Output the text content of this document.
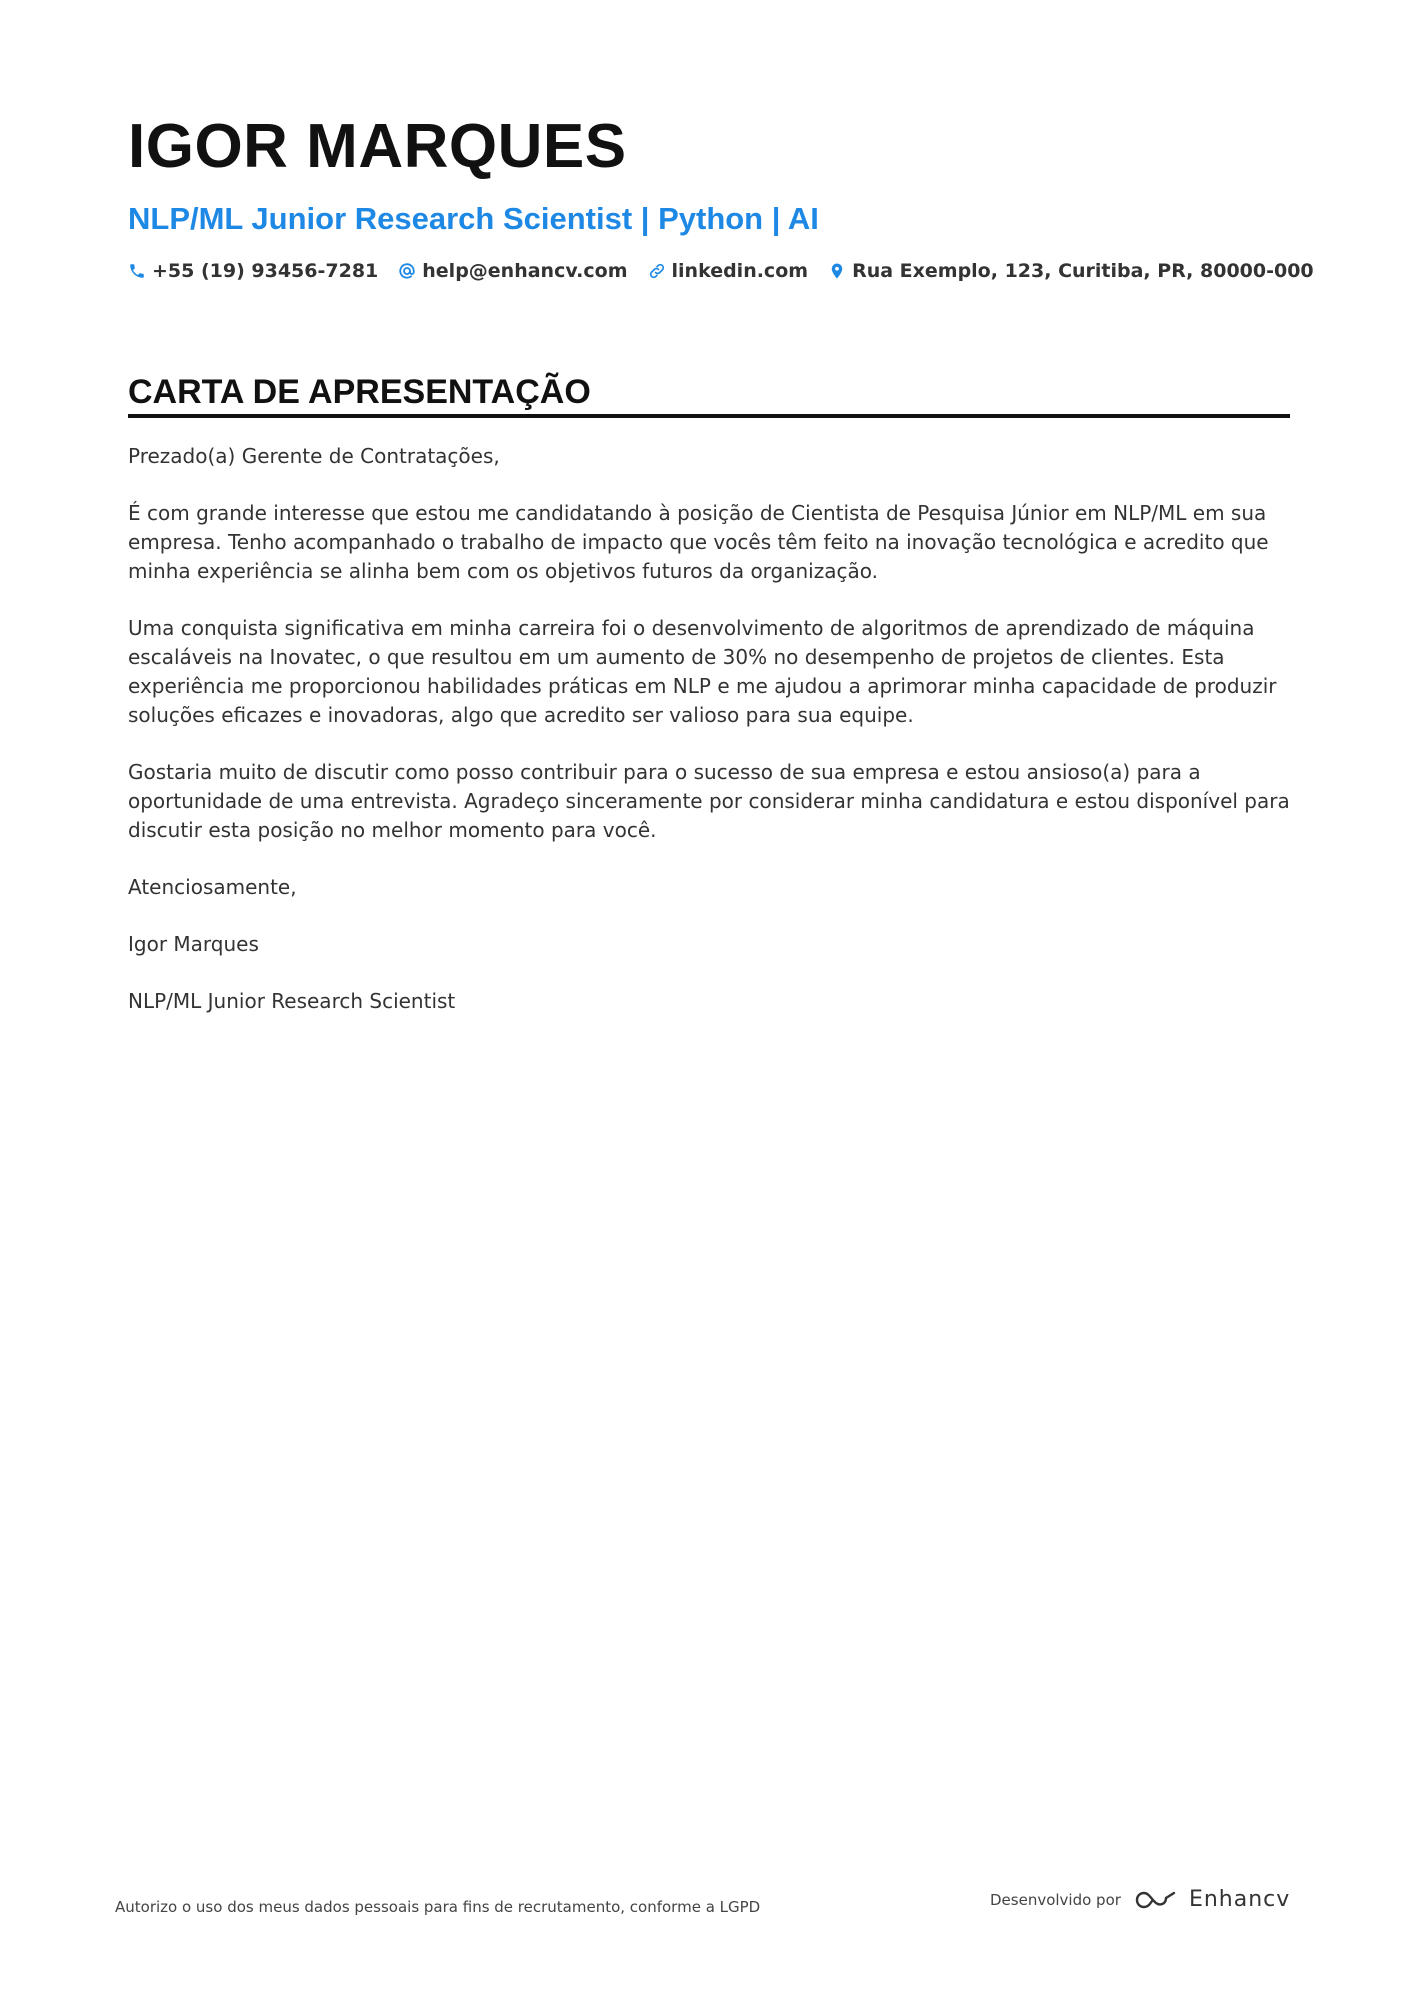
IGOR MARQUES
NLP/ML Junior Research Scientist | Python | AI
+55 (19) 93456-7281 help@enhancv.com linkedin.com Rua Exemplo, 123, Curitiba, PR, 80000-000
CARTA DE APRESENTAÇÃO

Prezado(a) Gerente de Contratações,

É com grande interesse que estou me candidatando à posição de Cientista de Pesquisa Júnior em NLP/ML em sua empresa. Tenho acompanhado o trabalho de impacto que vocês têm feito na inovação tecnológica e acredito que minha experiência se alinha bem com os objetivos futuros da organização.

Uma conquista significativa em minha carreira foi o desenvolvimento de algoritmos de aprendizado de máquina escaláveis na Inovatec, o que resultou em um aumento de 30% no desempenho de projetos de clientes. Esta experiência me proporcionou habilidades práticas em NLP e me ajudou a aprimorar minha capacidade de produzir soluções eficazes e inovadoras, algo que acredito ser valioso para sua equipe.

Gostaria muito de discutir como posso contribuir para o sucesso de sua empresa e estou ansioso(a) para a oportunidade de uma entrevista. Agradeço sinceramente por considerar minha candidatura e estou disponível para discutir esta posição no melhor momento para você.

Atenciosamente,

Igor Marques

NLP/ML Junior Research Scientist

Autorizo o uso dos meus dados pessoais para fins de recrutamento, conforme a LGPD	Desenvolvido por	Enhancv
